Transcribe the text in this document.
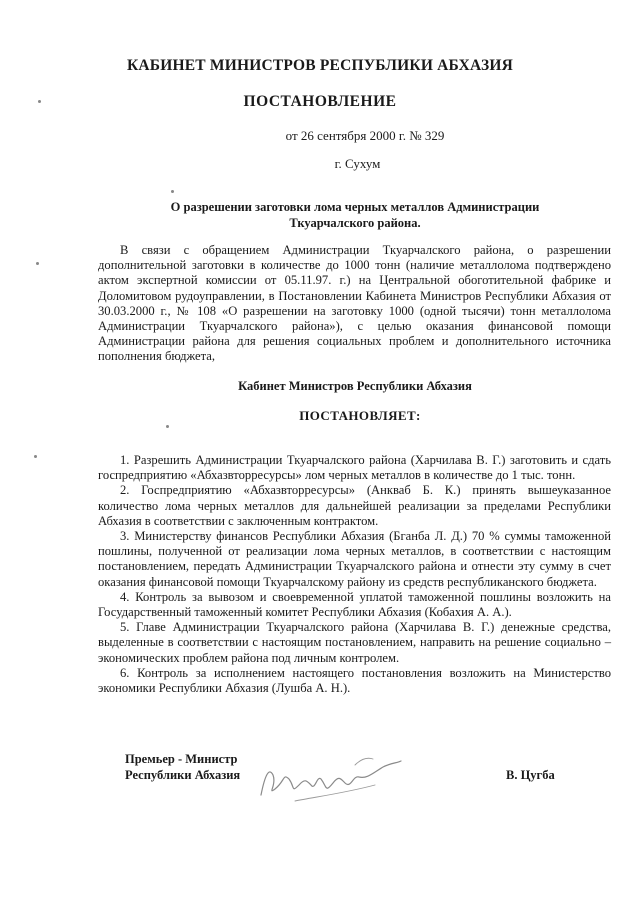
КАБИНЕТ МИНИСТРОВ РЕСПУБЛИКИ АБХАЗИЯ
ПОСТАНОВЛЕНИЕ
от 26 сентября 2000 г. № 329
г. Сухум
О разрешении заготовки лома черных металлов Администрации
Ткуарчалского района.

В связи с обращением Администрации Ткуарчалского района, о разрешении дополнительной заготовки в количестве до 1000 тонн (наличие металлолома подтверждено актом экспертной комиссии от 05.11.97. г.) на Центральной обоготительной фабрике и Доломитовом рудоуправлении, в Постановлении Кабинета Министров Республики Абхазия от 30.03.2000 г., № 108 «О разрешении на заготовку 1000 (одной тысячи) тонн металлолома Администрации Ткуарчалского района»), с целью оказания финансовой помощи Администрации района для решения социальных проблем и дополнительного источника пополнения бюджета,

Кабинет Министров Республики Абхазия
ПОСТАНОВЛЯЕТ:
1. Разрешить Администрации Ткуарчалского района (Харчилава В. Г.) заготовить и сдать госпредприятию «Абхазвторресурсы» лом черных металлов в количестве до 1 тыс. тонн.
2. Госпредприятию «Абхазвторресурсы» (Анкваб Б. К.) принять вышеуказанное количество лома черных металлов для дальнейшей реализации за пределами Республики Абхазия в соответствии с заключенным контрактом.
3. Министерству финансов Республики Абхазия (Бганба Л. Д.) 70 % суммы таможенной пошлины, полученной от реализации лома черных металлов, в соответствии с настоящим постановлением, передать Администрации Ткуарчалского района и отнести эту сумму в счет оказания финансовой помощи Ткуарчалскому району из средств республиканского бюджета.
4. Контроль за вывозом и своевременной уплатой таможенной пошлины возложить на Государственный таможенный комитет Республики Абхазия (Кобахия А. А.).
5. Главе Администрации Ткуарчалского района (Харчилава В. Г.) денежные средства, выделенные в соответствии с настоящим постановлением, направить на решение социально – экономических проблем района под личным контролем.
6. Контроль за исполнением настоящего постановления возложить на Министерство экономики Республики Абхазия (Лушба А. Н.).
Премьер - Министр
Республики Абхазия	В. Цугба
